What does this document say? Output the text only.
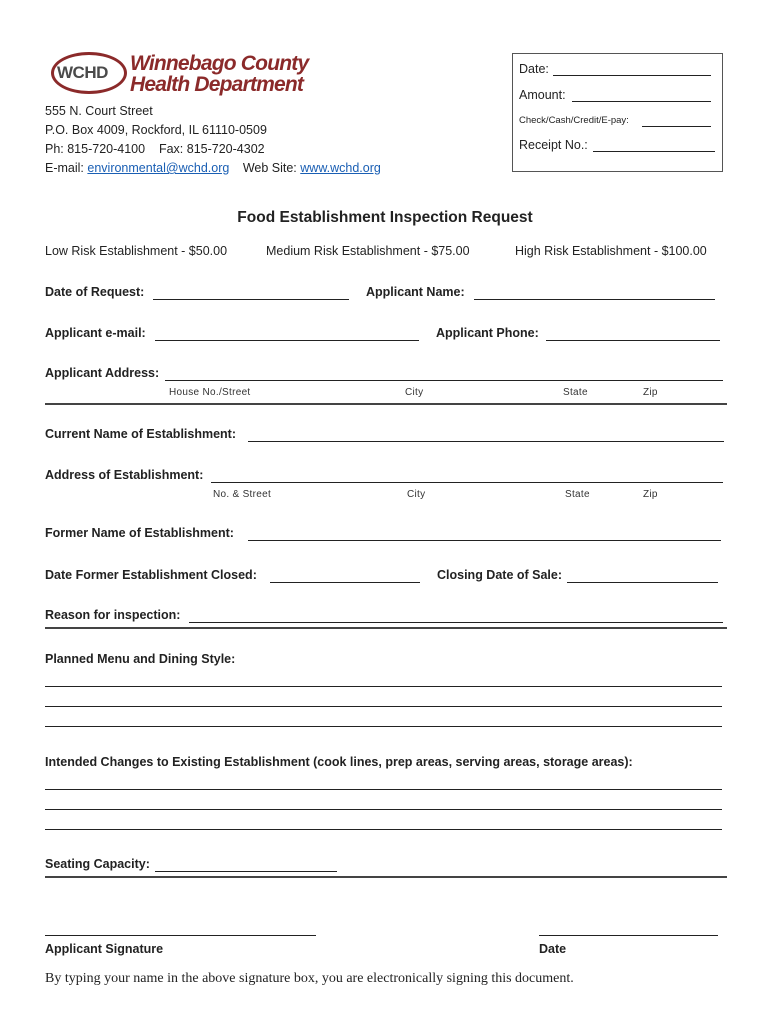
WCHD Winnebago County
Health Department
555 N. Court Street
P.O. Box 4009, Rockford, IL 61110-0509
Ph: 815-720-4100    Fax: 815-720-4302
E-mail: environmental@wchd.org Web Site: www.wchd.org
Date:
Amount:
Check/Cash/Credit/E-pay:
Receipt No.:
Food Establishment Inspection Request
Low Risk Establishment - $50.00	Medium Risk Establishment - $75.00	High Risk Establishment - $100.00
Date of Request:	Applicant Name:
Applicant e-mail:	Applicant Phone:
Applicant Address:
House No./Street	City	State	Zip
Current Name of Establishment:
Address of Establishment:
No. & Street	City	State	Zip
Former Name of Establishment:
Date Former Establishment Closed:	Closing Date of Sale:
Reason for inspection:
Planned Menu and Dining Style:
Intended Changes to Existing Establishment (cook lines, prep areas, serving areas, storage areas):
Seating Capacity:
Applicant Signature	Date
By typing your name in the above signature box, you are electronically signing this document.
